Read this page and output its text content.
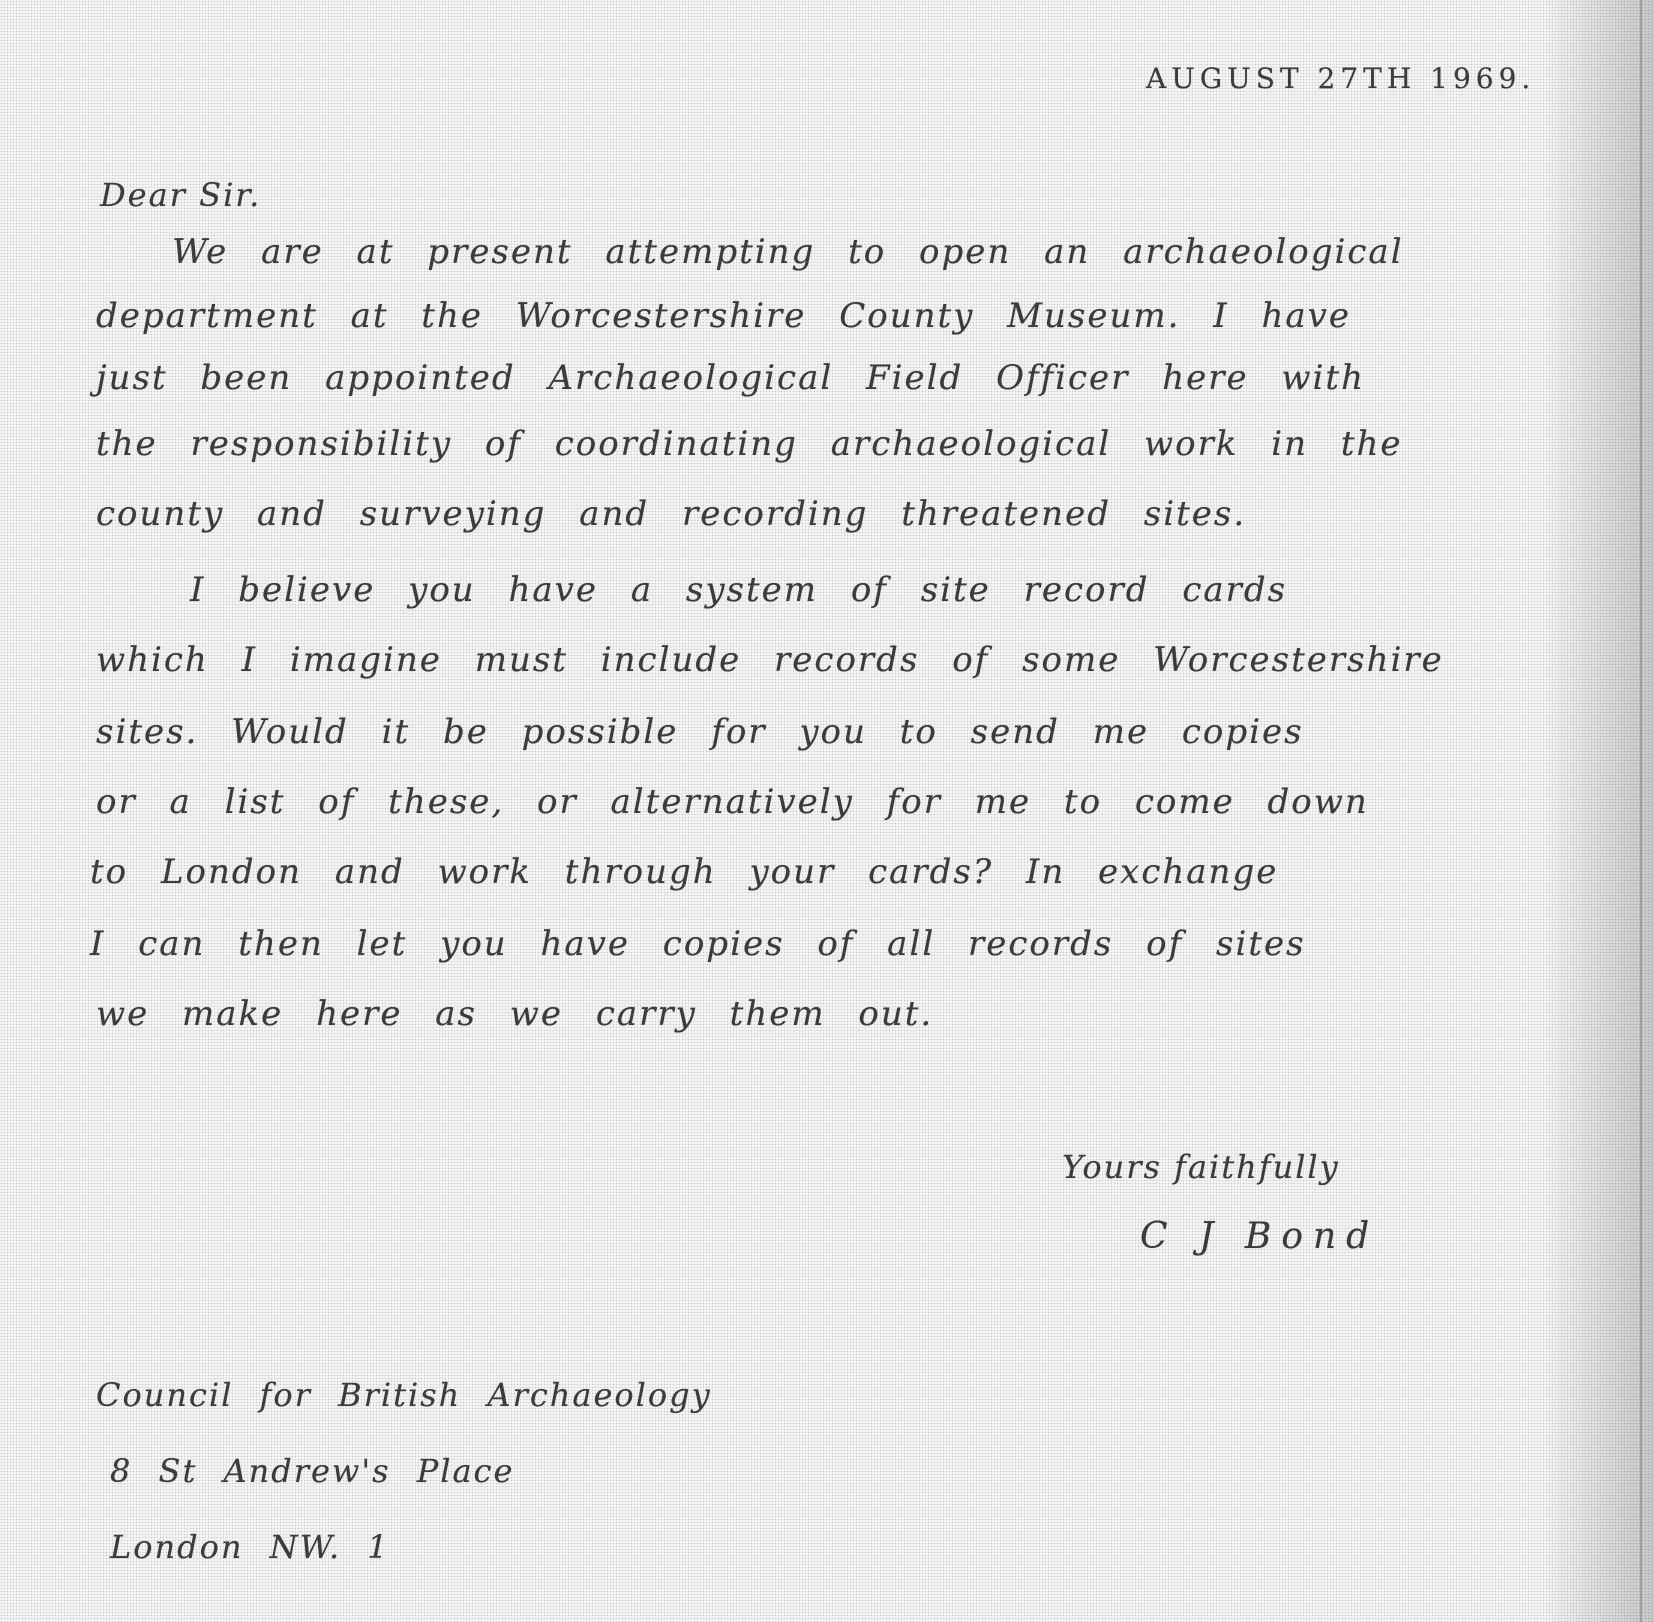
AUGUST 27TH 1969.
Dear Sir.
We are at present attempting to open an archaeological
department at the Worcestershire County Museum. I have
just been appointed Archaeological Field Officer here with
the responsibility of coordinating archaeological work in the
county and surveying and recording threatened sites.
I believe you have a system of site record cards
which I imagine must include records of some Worcestershire
sites. Would it be possible for you to send me copies
or a list of these, or alternatively for me to come down
to London and work through your cards? In exchange
I can then let you have copies of all records of sites
we make here as we carry them out.
Yours faithfully
C J Bond
Council for British Archaeology
8 St Andrew's Place
London NW. 1
